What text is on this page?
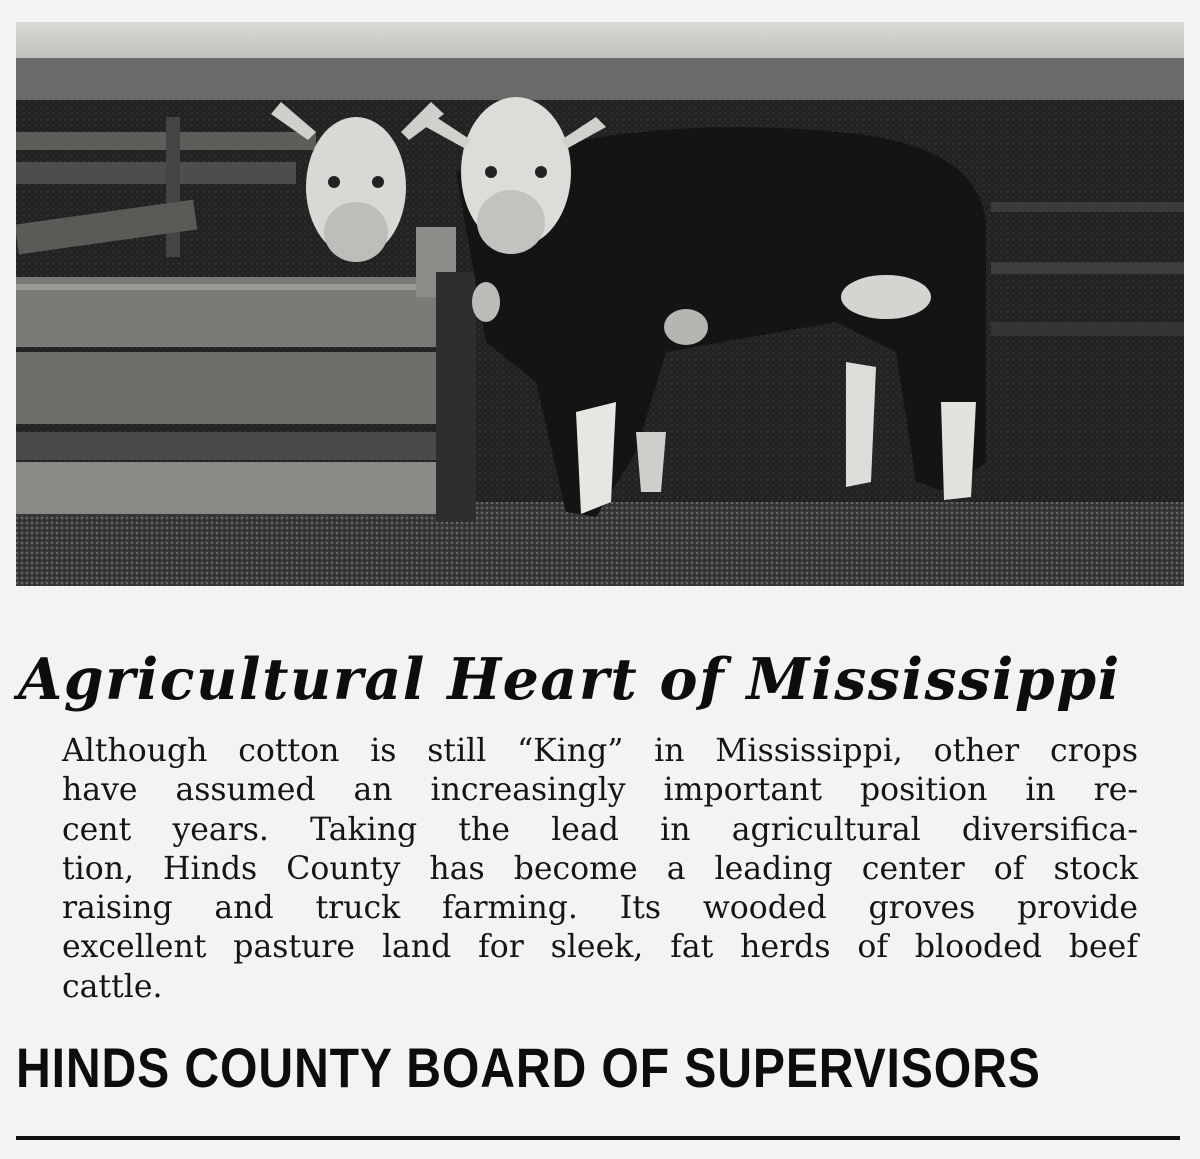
Agricultural Heart of Mississippi

Although cotton is still “King” in Mississippi, other crops
have assumed an increasingly important position in re-
cent years. Taking the lead in agricultural diversifica-
tion, Hinds County has become a leading center of stock
raising and truck farming. Its wooded groves provide
excellent pasture land for sleek, fat herds of blooded beef
cattle.

HINDS COUNTY BOARD OF SUPERVISORS
